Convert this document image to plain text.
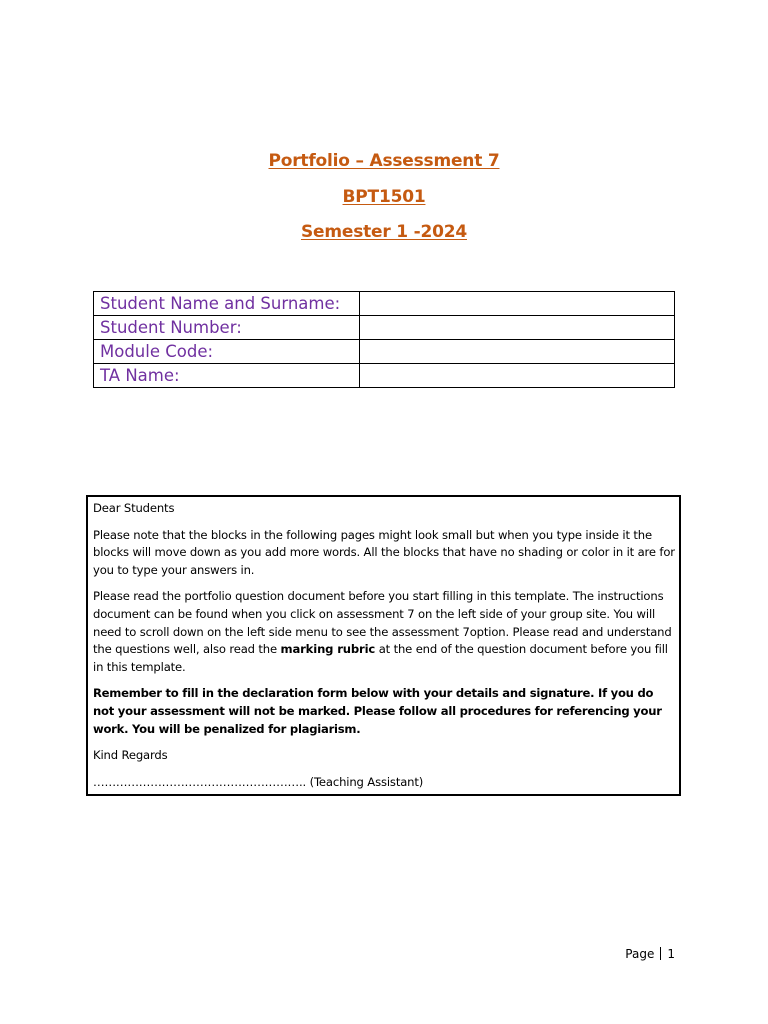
Portfolio – Assessment 7
BPT1501
Semester 1 -2024
Student Name and Surname:	
Student Number:	
Module Code:	
TA Name:	

Dear Students

Please note that the blocks in the following pages might look small but when you type inside it the blocks will move down as you add more words. All the blocks that have no shading or color in it are for you to type your answers in.

Please read the portfolio question document before you start filling in this template. The instructions document can be found when you click on assessment 7 on the left side of your group site. You will need to scroll down on the left side menu to see the assessment 7option. Please read and understand the questions well, also read the marking rubric at the end of the question document before you fill in this template.

Remember to fill in the declaration form below with your details and signature. If you do not your assessment will not be marked. Please follow all procedures for referencing your work. You will be penalized for plagiarism.

Kind Regards

……………………………………………….. (Teaching Assistant)

Page 1
